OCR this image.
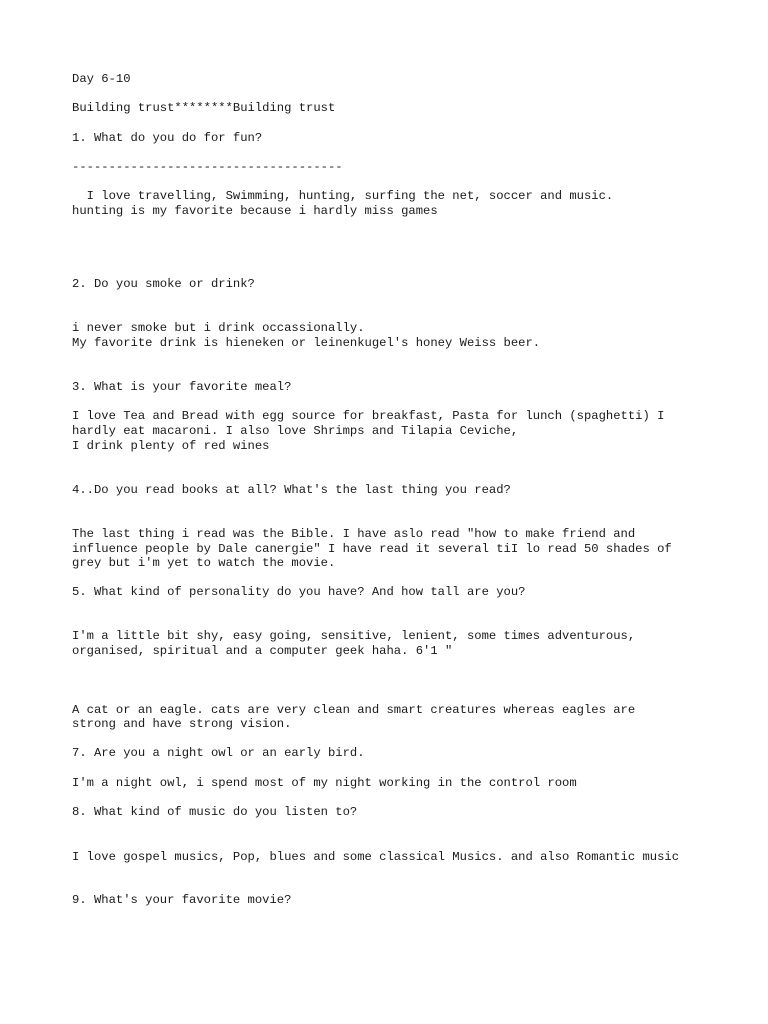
Day 6-10

Building trust********Building trust

1. What do you do for fun?

-------------------------------------

I love travelling, Swimming, hunting, surfing the net, soccer and music.

hunting is my favorite because i hardly miss games

2. Do you smoke or drink?

i never smoke but i drink occassionally.

My favorite drink is hieneken or leinenkugel's honey Weiss beer.

3. What is your favorite meal?

I love Tea and Bread with egg source for breakfast, Pasta for lunch (spaghetti) I

hardly eat macaroni. I also love Shrimps and Tilapia Ceviche,

I drink plenty of red wines

4..Do you read books at all? What's the last thing you read?

The last thing i read was the Bible. I have aslo read "how to make friend and

influence people by Dale canergie" I have read it several tiI lo read 50 shades of

grey but i'm yet to watch the movie.

5. What kind of personality do you have? And how tall are you?

I'm a little bit shy, easy going, sensitive, lenient, some times adventurous,

organised, spiritual and a computer geek haha. 6'1 "

A cat or an eagle. cats are very clean and smart creatures whereas eagles are

strong and have strong vision.

7. Are you a night owl or an early bird.

I'm a night owl, i spend most of my night working in the control room

8. What kind of music do you listen to?

I love gospel musics, Pop, blues and some classical Musics. and also Romantic music

9. What's your favorite movie?
